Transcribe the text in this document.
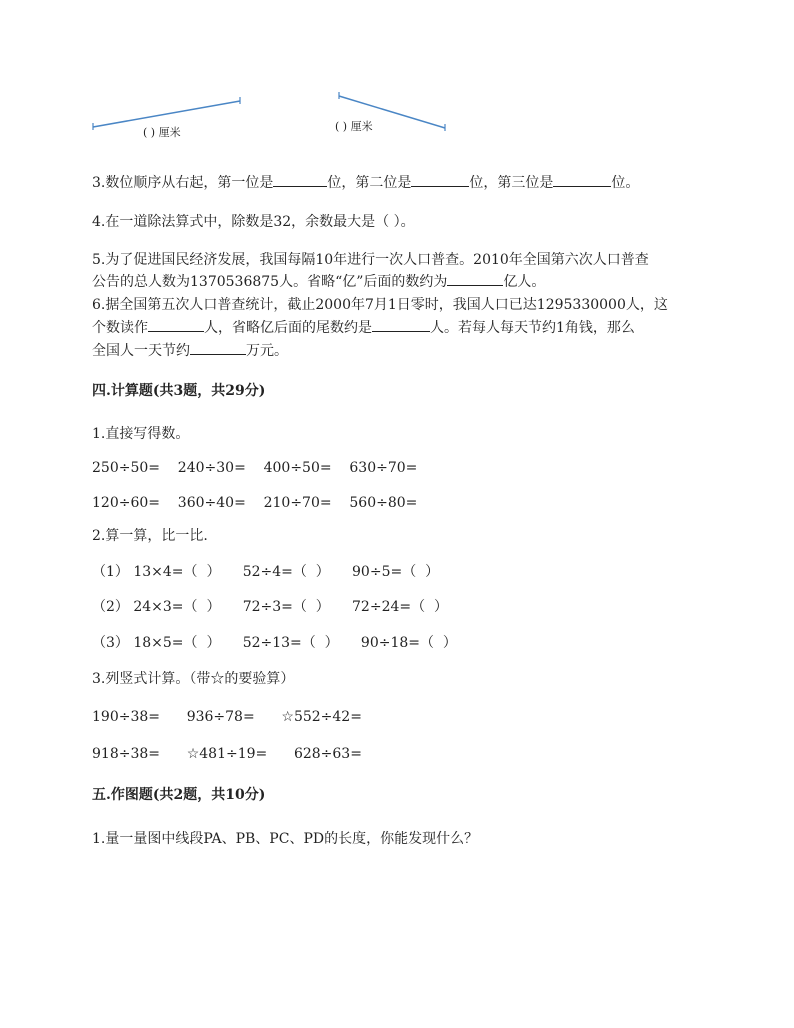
( ) 厘米	( ) 厘米
3.数位顺序从右起，第一位是	位，第二位是	位，第三位是	位。
4.在一道除法算式中，除数是32，余数最大是（ ）。
5.为了促进国民经济发展，我国每隔10年进行一次人口普查。2010年全国第六次人口普查
公告的总人数为1370536875人。省略“亿”后面的数约为	亿人。
6.据全国第五次人口普查统计，截止2000年7月1日零时，我国人口已达1295330000人，这
个数读作	人，省略亿后面的尾数约是	人。若每人每天节约1角钱，那么
全国人一天节约	万元。
四.计算题(共3题，共29分)
1.直接写得数。
250÷50=    240÷30=    400÷50=    630÷70=
120÷60=    360÷40=    210÷70=    560÷80=
2.算一算，比一比.
（1） 13×4=（  ）     52÷4=（  ）     90÷5=（  ）
（2） 24×3=（  ）     72÷3=（  ）     72÷24=（  ）
（3） 18×5=（  ）     52÷13=（  ）     90÷18=（  ）
3.列竖式计算。（带☆的要验算）
190÷38=      936÷78=      ☆552÷42=
918÷38=      ☆481÷19=      628÷63=
五.作图题(共2题，共10分)
1.量一量图中线段PA、PB、PC、PD的长度，你能发现什么？
